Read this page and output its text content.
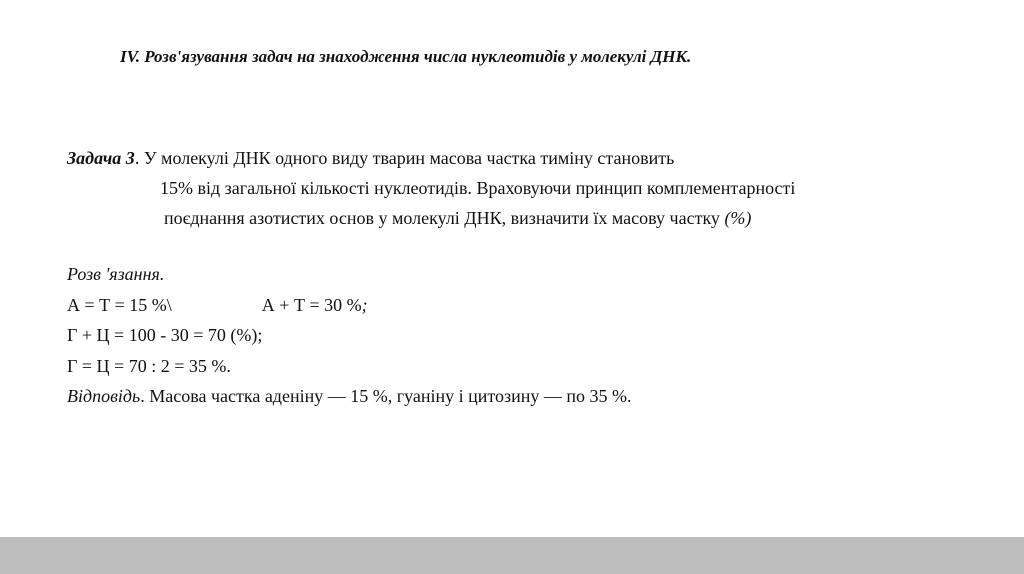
IV. Розв'язування задач на знаходження числа нуклеотидів у молекулі ДНК.
Задача 3. У молекулі ДНК одного виду тварин масова частка тиміну становить
15% від загальної кількості нуклеотидів. Враховуючи принцип комплементарності
поєднання азотистих основ у молекулі ДНК, визначити їх масову частку (%)
Розв 'язання.
А = Т = 15 %\	А + Т = 30 %;
Г + Ц = 100 - 30 = 70 (%);
Г = Ц = 70 : 2 = 35 %.
Відповідь. Масова частка аденіну — 15 %, гуаніну і цитозину — по 35 %.
